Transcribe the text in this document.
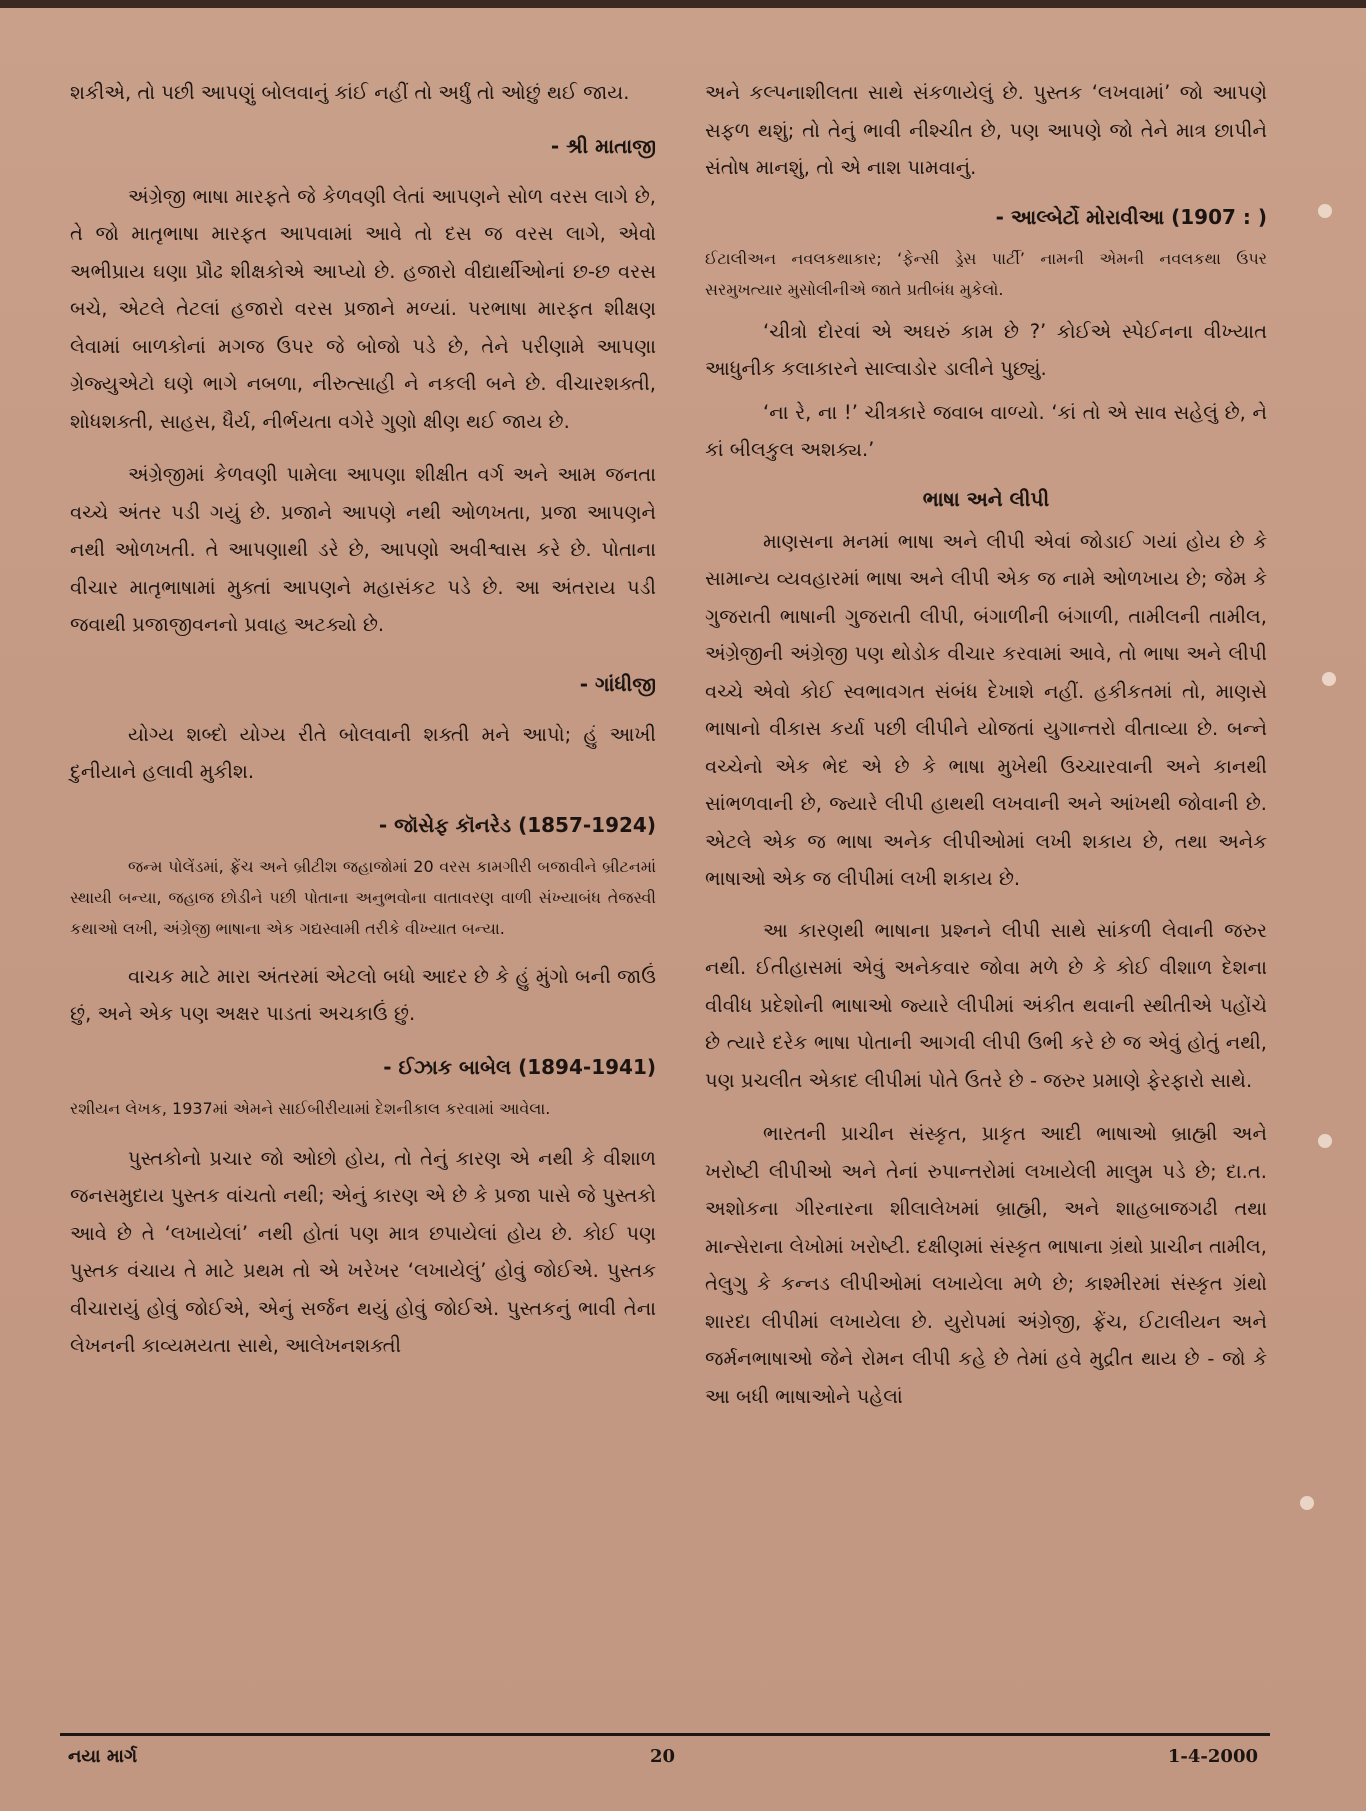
શકીએ, તો પછી આપણું બોલવાનું કાંઈ નહીં તો અર્ધું તો ઓછું થઈ જાય.

- શ્રી માતાજી

અંગ્રેજી ભાષા મારફતે જે કેળવણી લેતાં આપણને સોળ વરસ લાગે છે, તે જો માતૃભાષા મારફત આપવામાં આવે તો દસ જ વરસ લાગે, એવો અભીપ્રાય ઘણા પ્રૌઢ શીક્ષકોએ આપ્યો છે. હજારો વીદ્યાર્થીઓનાં છ-છ વરસ બચે, એટલે તેટલાં હજારો વરસ પ્રજાને મળ્યાં. પરભાષા મારફત શીક્ષણ લેવામાં બાળકોનાં મગજ ઉપર જે બોજો પડે છે, તેને પરીણામે આપણા ગ્રેજ્યુએટો ઘણે ભાગે નબળા, નીરુત્સાહી ને નકલી બને છે. વીચારશક્તી, શોધશક્તી, સાહસ, ધૈર્ય, નીર્ભયતા વગેરે ગુણો ક્ષીણ થઈ જાય છે.

અંગ્રેજીમાં કેળવણી પામેલા આપણા શીક્ષીત વર્ગ અને આમ જનતા વચ્ચે અંતર પડી ગયું છે. પ્રજાને આપણે નથી ઓળખતા, પ્રજા આપણને નથી ઓળખતી. તે આપણાથી ડરે છે, આપણો અવીશ્વાસ કરે છે. પોતાના વીચાર માતૃભાષામાં મુક્તાં આપણને મહાસંકટ પડે છે. આ અંતરાય પડી જવાથી પ્રજાજીવનનો પ્રવાહ અટક્યો છે.

- ગાંધીજી

યોગ્ય શબ્દો યોગ્ય રીતે બોલવાની શક્તી મને આપો; હું આખી દુનીયાને હલાવી મુકીશ.

- જૉસેફ કૉનરેડ (1857-1924)

જન્મ પોલેંડમાં, ફ્રેંચ અને બ્રીટીશ જહાજોમાં 20 વરસ કામગીરી બજાવીને બ્રીટનમાં સ્થાયી બન્યા, જહાજ છોડીને પછી પોતાના અનુભવોના વાતાવરણ વાળી સંખ્યાબંધ તેજસ્વી કથાઓ લખી, અંગ્રેજી ભાષાના એક ગદ્યસ્વામી તરીકે વીખ્યાત બન્યા.

વાચક માટે મારા અંતરમાં એટલો બધો આદર છે કે હું મુંગો બની જાઉં છું, અને એક પણ અક્ષર પાડતાં અચકાઉં છું.

- ઈઝાક બાબેલ (1894-1941)

રશીયન લેખક, 1937માં એમને સાઈબીરીયામાં દેશનીકાલ કરવામાં આવેલા.

પુસ્તકોનો પ્રચાર જો ઓછો હોય, તો તેનું કારણ એ નથી કે વીશાળ જનસમુદાય પુસ્તક વાંચતો નથી; એનું કારણ એ છે કે પ્રજા પાસે જે પુસ્તકો આવે છે તે ‘લખાયેલાં’ નથી હોતાં પણ માત્ર છપાયેલાં હોય છે. કોઈ પણ પુસ્તક વંચાય તે માટે પ્રથમ તો એ ખરેખર ‘લખાયેલું’ હોવું જોઈએ. પુસ્તક વીચારાયું હોવું જોઈએ, એનું સર્જન થયું હોવું જોઈએ. પુસ્તકનું ભાવી તેના લેખનની કાવ્યમયતા સાથે, આલેખનશક્તી

અને કલ્પનાશીલતા સાથે સંકળાયેલું છે. પુસ્તક ‘લખવામાં’ જો આપણે સફળ થશું; તો તેનું ભાવી નીશ્ચીત છે, પણ આપણે જો તેને માત્ર છાપીને સંતોષ માનશું, તો એ નાશ પામવાનું.

- આલ્બેર્ટો મોરાવીઆ (1907 : )

ઈટાલીઅન નવલકથાકાર; ‘ફેન્સી ડ્રેસ પાર્ટી’ નામની એમની નવલકથા ઉપર સરમુખત્યાર મુસોલીનીએ જાતે પ્રતીબંધ મુકેલો.

‘ચીત્રો દોરવાં એ અઘરું કામ છે ?’ કોઈએ સ્પેઈનના વીખ્યાત આધુનીક કલાકારને સાલ્વાડોર ડાલીને પુછ્યું.

‘ના રે, ના !’ ચીત્રકારે જવાબ વાળ્યો. ‘કાં તો એ સાવ સહેલું છે, ને કાં બીલકુલ અશક્ય.’

ભાષા અને લીપી

માણસના મનમાં ભાષા અને લીપી એવાં જોડાઈ ગયાં હોય છે કે સામાન્ય વ્યવહારમાં ભાષા અને લીપી એક જ નામે ઓળખાય છે; જેમ કે ગુજરાતી ભાષાની ગુજરાતી લીપી, બંગાળીની બંગાળી, તામીલની તામીલ, અંગ્રેજીની અંગ્રેજી પણ થોડોક વીચાર કરવામાં આવે, તો ભાષા અને લીપી વચ્ચે એવો કોઈ સ્વભાવગત સંબંધ દેખાશે નહીં. હકીકતમાં તો, માણસે ભાષાનો વીકાસ કર્યા પછી લીપીને યોજતાં યુગાન્તરો વીતાવ્યા છે. બન્ને વચ્ચેનો એક ભેદ એ છે કે ભાષા મુખેથી ઉચ્ચારવાની અને કાનથી સાંભળવાની છે, જ્યારે લીપી હાથથી લખવાની અને આંખથી જોવાની છે. એટલે એક જ ભાષા અનેક લીપીઓમાં લખી શકાય છે, તથા અનેક ભાષાઓ એક જ લીપીમાં લખી શકાય છે.

આ કારણથી ભાષાના પ્રશ્નને લીપી સાથે સાંકળી લેવાની જરુર નથી. ઈતીહાસમાં એવું અનેકવાર જોવા મળે છે કે કોઈ વીશાળ દેશના વીવીધ પ્રદેશોની ભાષાઓ જ્યારે લીપીમાં અંકીત થવાની સ્થીતીએ પહોંચે છે ત્યારે દરેક ભાષા પોતાની આગવી લીપી ઉભી કરે છે જ એવું હોતું નથી, પણ પ્રચલીત એકાદ લીપીમાં પોતે ઉતરે છે - જરુર પ્રમાણે ફેરફારો સાથે.

ભારતની પ્રાચીન સંસ્કૃત, પ્રાકૃત આદી ભાષાઓ બ્રાહ્મી અને ખરોષ્ટી લીપીઓ અને તેનાં રુપાન્તરોમાં લખાયેલી માલુમ પડે છે; દા.ત. અશોકના ગીરનારના શીલાલેખમાં બ્રાહ્મી, અને શાહબાજગઢી તથા માન્સેરાના લેખોમાં ખરોષ્ટી. દક્ષીણમાં સંસ્કૃત ભાષાના ગ્રંથો પ્રાચીન તામીલ, તેલુગુ કે કન્નડ લીપીઓમાં લખાયેલા મળે છે; કાશ્મીરમાં સંસ્કૃત ગ્રંથો શારદા લીપીમાં લખાયેલા છે. યુરોપમાં અંગ્રેજી, ફ્રેંચ, ઈટાલીયન અને જર્મનભાષાઓ જેને રોમન લીપી કહે છે તેમાં હવે મુદ્રીત થાય છે - જો કે આ બધી ભાષાઓને પહેલાં

નયા માર્ગ	20	1-4-2000
